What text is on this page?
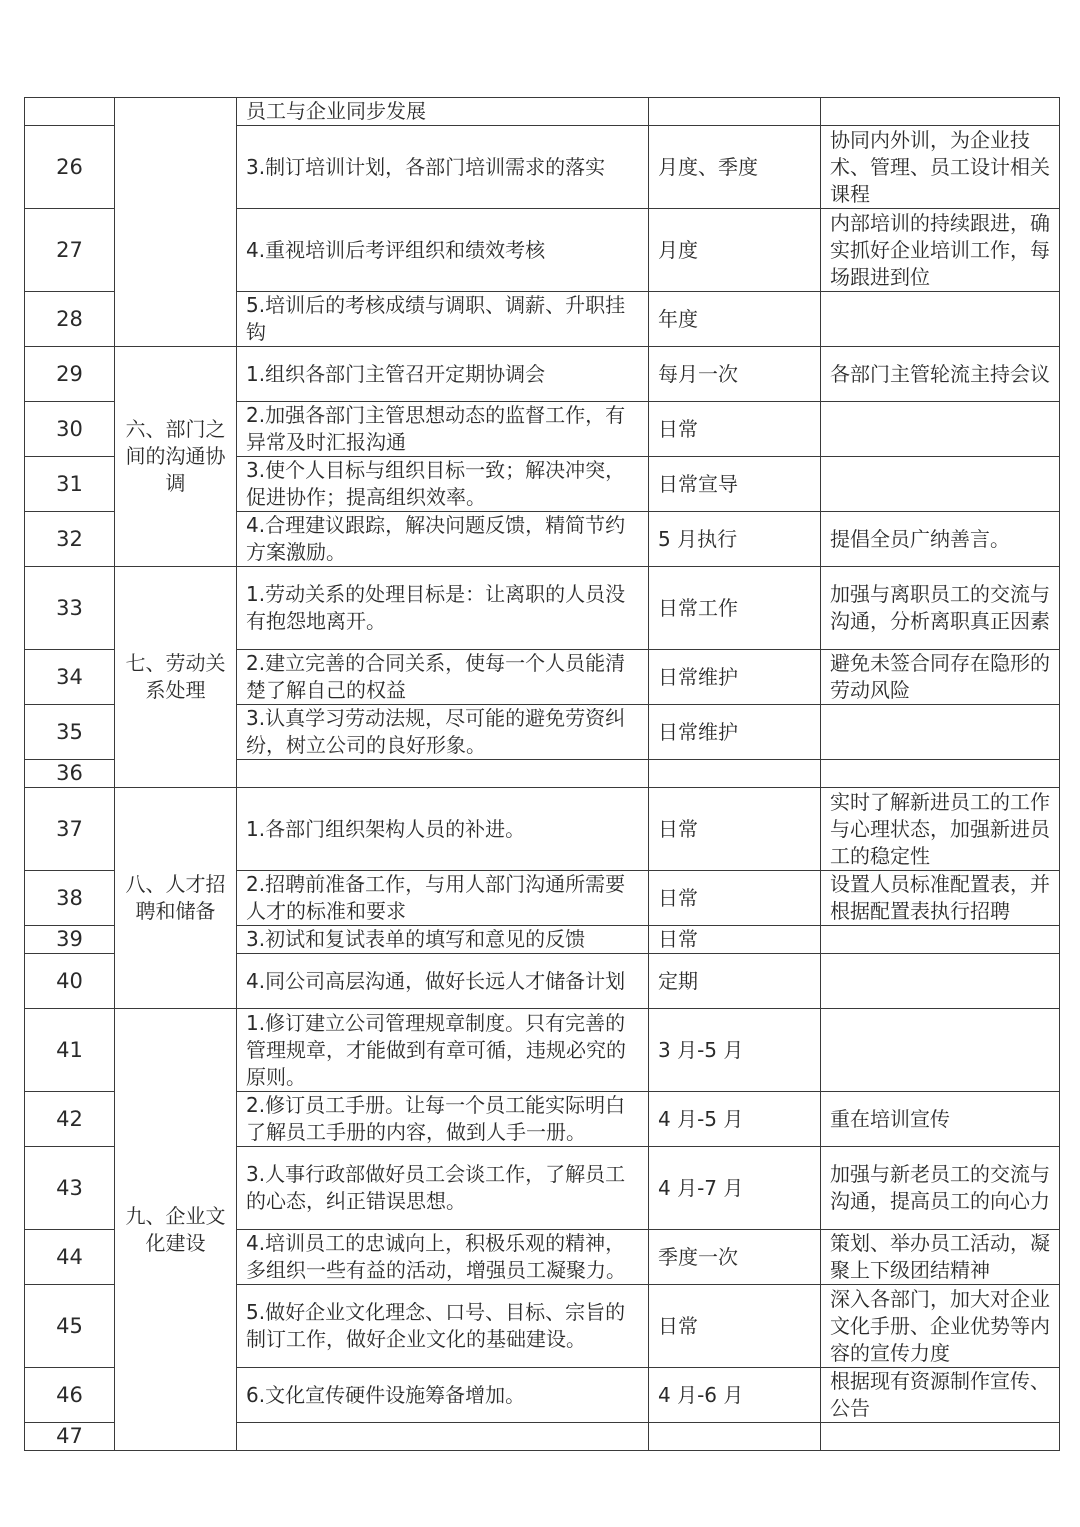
		员工与企业同步发展		
26		3.制订培训计划，各部门培训需求的落实	月度、季度	协同内外训，为企业技术、管理、员工设计相关课程
27		4.重视培训后考评组织和绩效考核	月度	内部培训的持续跟进，确实抓好企业培训工作，每场跟进到位
28		5.培训后的考核成绩与调职、调薪、升职挂钩	年度	
29	六、部门之间的沟通协调	1.组织各部门主管召开定期协调会	每月一次	各部门主管轮流主持会议
30		2.加强各部门主管思想动态的监督工作，有异常及时汇报沟通	日常	
31		3.使个人目标与组织目标一致；解决冲突，促进协作；提高组织效率。	日常宣导	
32		4.合理建议跟踪，解决问题反馈，精简节约方案激励。	5 月执行	提倡全员广纳善言。
33	七、劳动关系处理	1.劳动关系的处理目标是：让离职的人员没有抱怨地离开。	日常工作	加强与离职员工的交流与沟通，分析离职真正因素
34		2.建立完善的合同关系，使每一个人员能清楚了解自己的权益	日常维护	避免未签合同存在隐形的劳动风险
35		3.认真学习劳动法规，尽可能的避免劳资纠纷，树立公司的良好形象。	日常维护	
36				
37	八、人才招聘和储备	1.各部门组织架构人员的补进。	日常	实时了解新进员工的工作与心理状态，加强新进员工的稳定性
38		2.招聘前准备工作，与用人部门沟通所需要人才的标准和要求	日常	设置人员标准配置表，并根据配置表执行招聘
39		3.初试和复试表单的填写和意见的反馈	日常	
40		4.同公司高层沟通，做好长远人才储备计划	定期	
41	九、企业文化建设	1.修订建立公司管理规章制度。只有完善的管理规章，才能做到有章可循，违规必究的原则。	3 月-5 月	
42		2.修订员工手册。让每一个员工能实际明白了解员工手册的内容，做到人手一册。	4 月-5 月	重在培训宣传
43		3.人事行政部做好员工会谈工作，了解员工的心态，纠正错误思想。	4 月-7 月	加强与新老员工的交流与沟通，提高员工的向心力
44		4.培训员工的忠诚向上，积极乐观的精神，多组织一些有益的活动，增强员工凝聚力。	季度一次	策划、举办员工活动，凝聚上下级团结精神
45		5.做好企业文化理念、口号、目标、宗旨的制订工作，做好企业文化的基础建设。	日常	深入各部门，加大对企业文化手册、企业优势等内容的宣传力度
46		6.文化宣传硬件设施筹备增加。	4 月-6 月	根据现有资源制作宣传、公告
47				
